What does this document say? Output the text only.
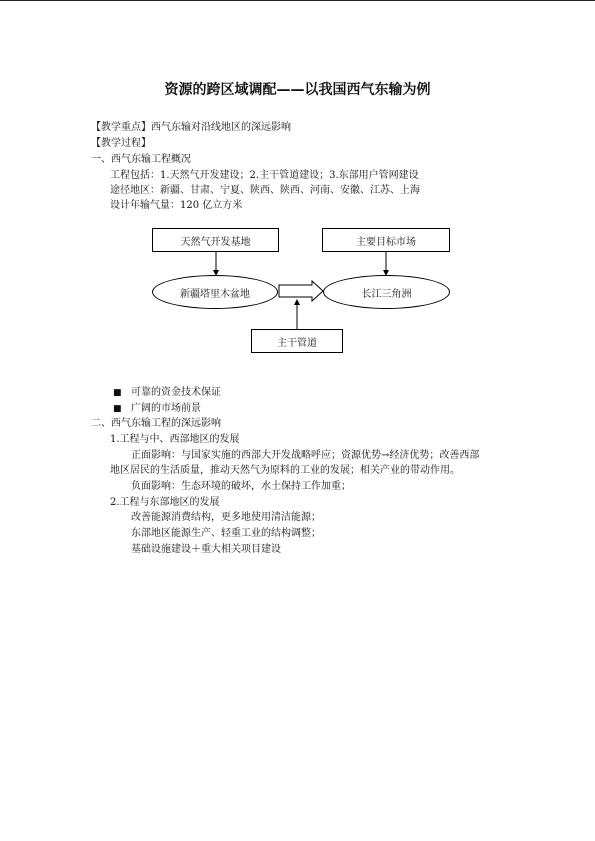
资源的跨区域调配——以我国西气东输为例
【教学重点】西气东输对沿线地区的深远影响
【教学过程】
一、西气东输工程概况
工程包括：1.天然气开发建设；2.主干管道建设；3.东部用户管网建设
途径地区：新疆、甘肃、宁夏、陕西、陕西、河南、安徽、江苏、上海
设计年输气量：120 亿立方米
天然气开发基地	主要目标市场
新疆塔里木盆地	长江三角洲
主干管道
■ 可靠的资金技术保证
■ 广阔的市场前景
二、西气东输工程的深远影响
1.工程与中、西部地区的发展
正面影响：与国家实施的西部大开发战略呼应；资源优势→经济优势；改善西部
地区居民的生活质量，推动天然气为原料的工业的发展；相关产业的带动作用。
负面影响：生态环境的破坏，水土保持工作加重；
2.工程与东部地区的发展
改善能源消费结构，更多地使用清洁能源；
东部地区能源生产、轻重工业的结构调整；
基础设施建设＋重大相关项目建设
